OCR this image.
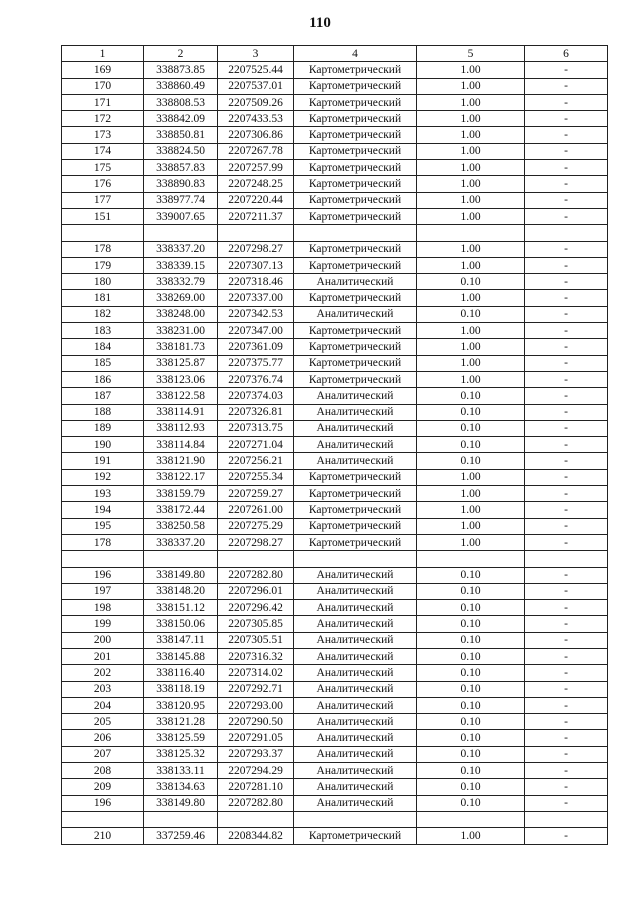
110
1	2	3	4	5	6
169	338873.85	2207525.44	Картометрический	1.00	-
170	338860.49	2207537.01	Картометрический	1.00	-
171	338808.53	2207509.26	Картометрический	1.00	-
172	338842.09	2207433.53	Картометрический	1.00	-
173	338850.81	2207306.86	Картометрический	1.00	-
174	338824.50	2207267.78	Картометрический	1.00	-
175	338857.83	2207257.99	Картометрический	1.00	-
176	338890.83	2207248.25	Картометрический	1.00	-
177	338977.74	2207220.44	Картометрический	1.00	-
151	339007.65	2207211.37	Картометрический	1.00	-

178	338337.20	2207298.27	Картометрический	1.00	-
179	338339.15	2207307.13	Картометрический	1.00	-
180	338332.79	2207318.46	Аналитический	0.10	-
181	338269.00	2207337.00	Картометрический	1.00	-
182	338248.00	2207342.53	Аналитический	0.10	-
183	338231.00	2207347.00	Картометрический	1.00	-
184	338181.73	2207361.09	Картометрический	1.00	-
185	338125.87	2207375.77	Картометрический	1.00	-
186	338123.06	2207376.74	Картометрический	1.00	-
187	338122.58	2207374.03	Аналитический	0.10	-
188	338114.91	2207326.81	Аналитический	0.10	-
189	338112.93	2207313.75	Аналитический	0.10	-
190	338114.84	2207271.04	Аналитический	0.10	-
191	338121.90	2207256.21	Аналитический	0.10	-
192	338122.17	2207255.34	Картометрический	1.00	-
193	338159.79	2207259.27	Картометрический	1.00	-
194	338172.44	2207261.00	Картометрический	1.00	-
195	338250.58	2207275.29	Картометрический	1.00	-
178	338337.20	2207298.27	Картометрический	1.00	-

196	338149.80	2207282.80	Аналитический	0.10	-
197	338148.20	2207296.01	Аналитический	0.10	-
198	338151.12	2207296.42	Аналитический	0.10	-
199	338150.06	2207305.85	Аналитический	0.10	-
200	338147.11	2207305.51	Аналитический	0.10	-
201	338145.88	2207316.32	Аналитический	0.10	-
202	338116.40	2207314.02	Аналитический	0.10	-
203	338118.19	2207292.71	Аналитический	0.10	-
204	338120.95	2207293.00	Аналитический	0.10	-
205	338121.28	2207290.50	Аналитический	0.10	-
206	338125.59	2207291.05	Аналитический	0.10	-
207	338125.32	2207293.37	Аналитический	0.10	-
208	338133.11	2207294.29	Аналитический	0.10	-
209	338134.63	2207281.10	Аналитический	0.10	-
196	338149.80	2207282.80	Аналитический	0.10	-

210	337259.46	2208344.82	Картометрический	1.00	-
